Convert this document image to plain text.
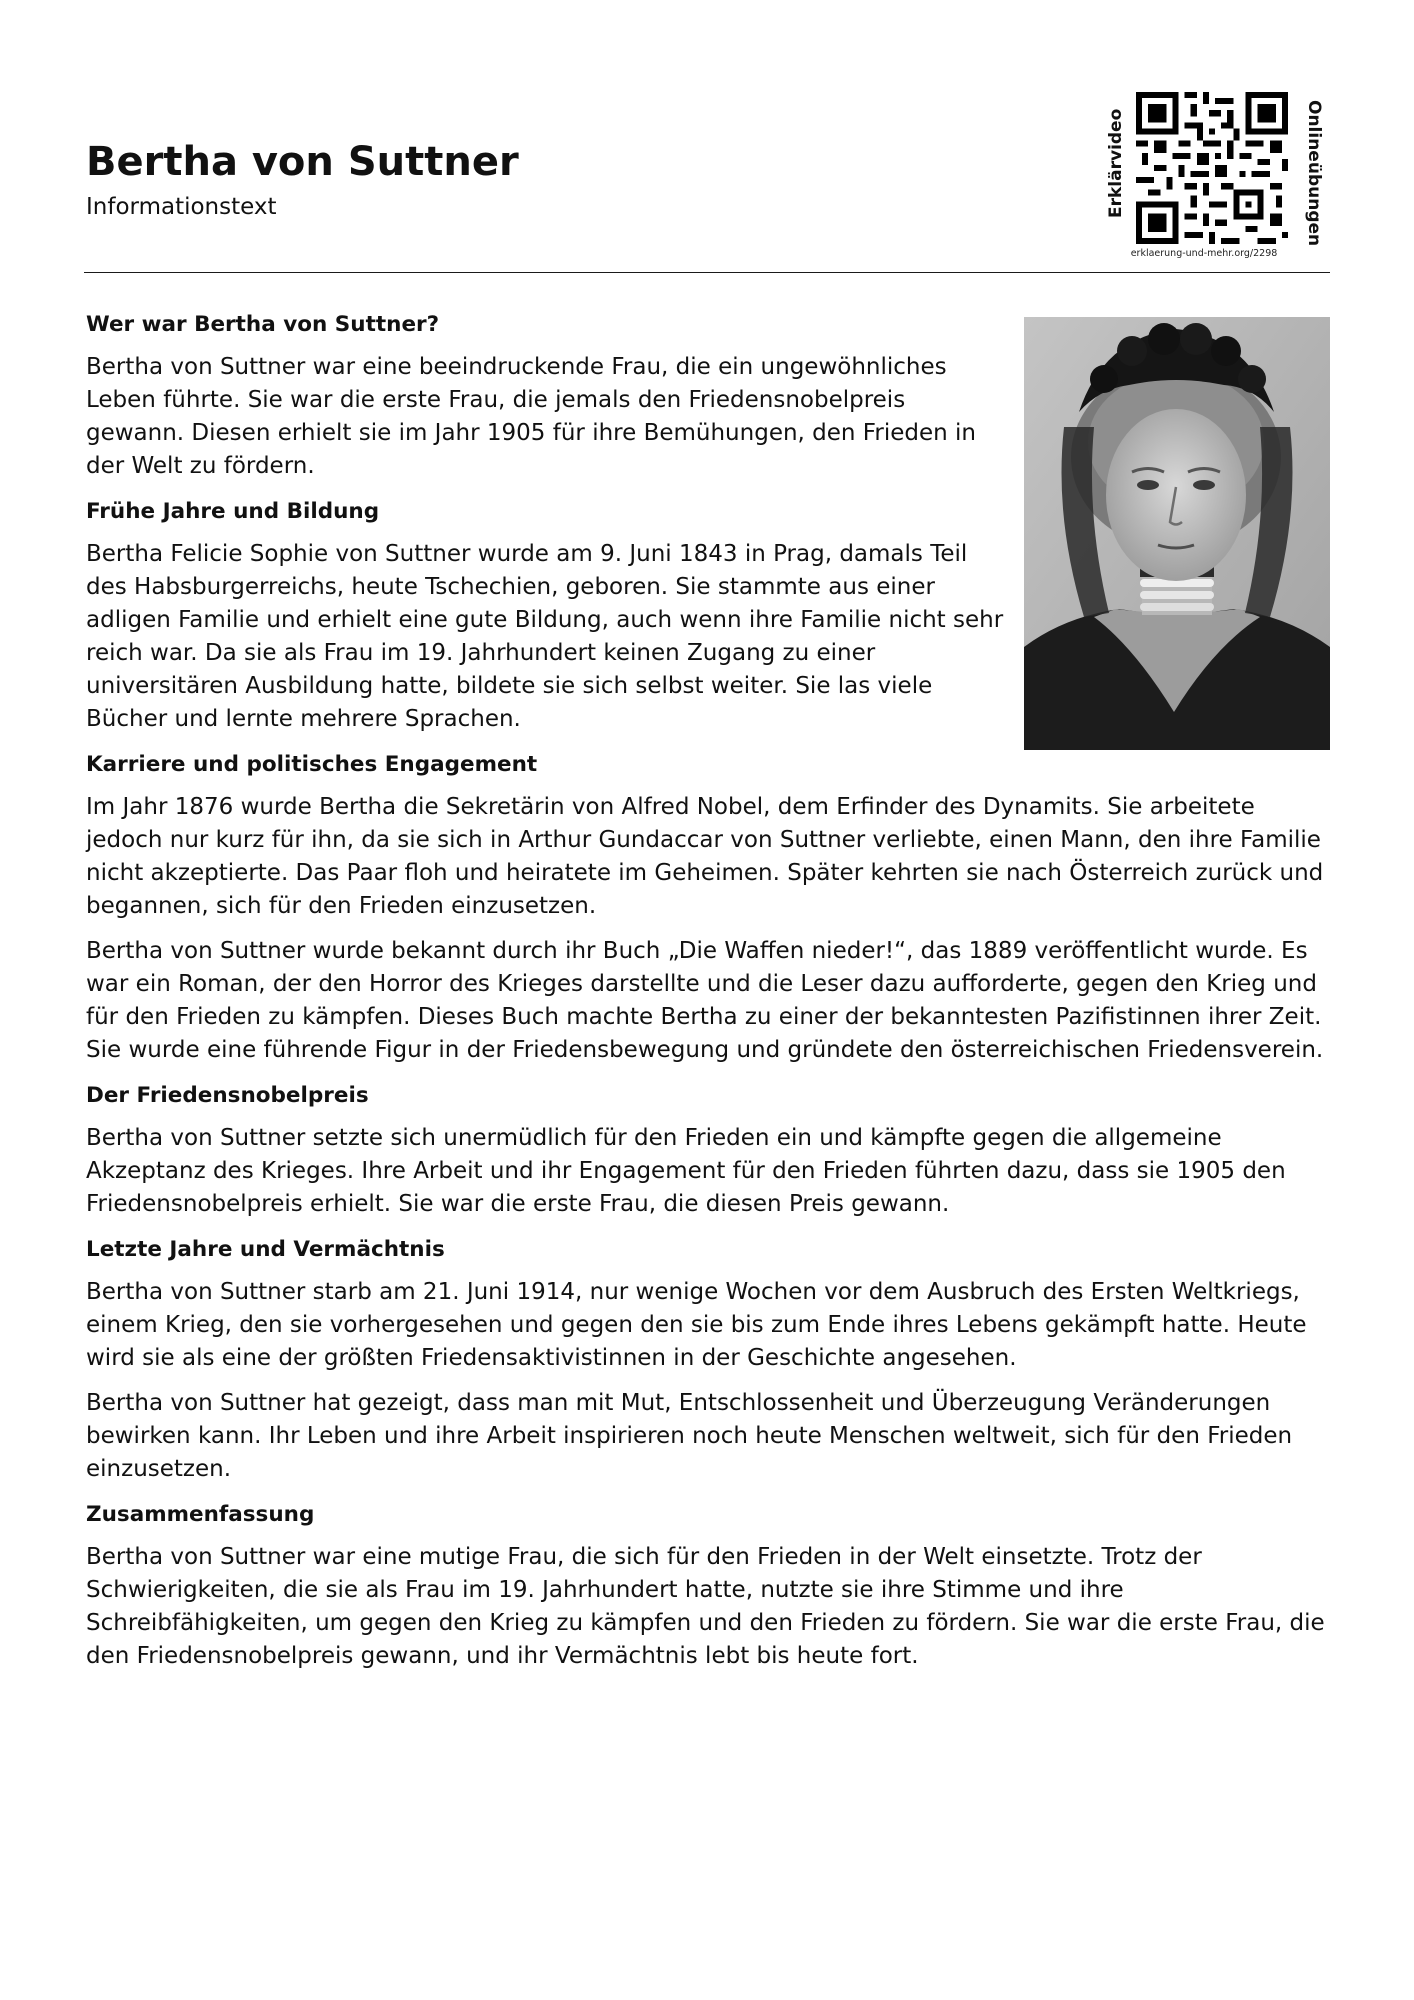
Bertha von Suttner

Informationstext	Erklärvideo	Onlineübungen
erklaerung-und-mehr.org/2298
Wer war Bertha von Suttner?

Bertha von Suttner war eine beeindruckende Frau, die ein ungewöhnliches Leben führte. Sie war die erste Frau, die jemals den Friedensnobelpreis gewann. Diesen erhielt sie im Jahr 1905 für ihre Bemühungen, den Frieden in der Welt zu fördern.

Frühe Jahre und Bildung

Bertha Felicie Sophie von Suttner wurde am 9. Juni 1843 in Prag, damals Teil des Habsburgerreichs, heute Tschechien, geboren. Sie stammte aus einer adligen Familie und erhielt eine gute Bildung, auch wenn ihre Familie nicht sehr reich war. Da sie als Frau im 19. Jahrhundert keinen Zugang zu einer universitären Ausbildung hatte, bildete sie sich selbst weiter. Sie las viele Bücher und lernte mehrere Sprachen.

Karriere und politisches Engagement

Im Jahr 1876 wurde Bertha die Sekretärin von Alfred Nobel, dem Erfinder des Dynamits. Sie arbeitete jedoch nur kurz für ihn, da sie sich in Arthur Gundaccar von Suttner verliebte, einen Mann, den ihre Familie nicht akzeptierte. Das Paar floh und heiratete im Geheimen. Später kehrten sie nach Österreich zurück und begannen, sich für den Frieden einzusetzen.

Bertha von Suttner wurde bekannt durch ihr Buch „Die Waffen nieder!“, das 1889 veröffentlicht wurde. Es war ein Roman, der den Horror des Krieges darstellte und die Leser dazu aufforderte, gegen den Krieg und für den Frieden zu kämpfen. Dieses Buch machte Bertha zu einer der bekanntesten Pazifistinnen ihrer Zeit. Sie wurde eine führende Figur in der Friedensbewegung und gründete den österreichischen Friedensverein.

Der Friedensnobelpreis

Bertha von Suttner setzte sich unermüdlich für den Frieden ein und kämpfte gegen die allgemeine Akzeptanz des Krieges. Ihre Arbeit und ihr Engagement für den Frieden führten dazu, dass sie 1905 den Friedensnobelpreis erhielt. Sie war die erste Frau, die diesen Preis gewann.

Letzte Jahre und Vermächtnis

Bertha von Suttner starb am 21. Juni 1914, nur wenige Wochen vor dem Ausbruch des Ersten Weltkriegs, einem Krieg, den sie vorhergesehen und gegen den sie bis zum Ende ihres Lebens gekämpft hatte. Heute wird sie als eine der größten Friedensaktivistinnen in der Geschichte angesehen.

Bertha von Suttner hat gezeigt, dass man mit Mut, Entschlossenheit und Überzeugung Veränderungen bewirken kann. Ihr Leben und ihre Arbeit inspirieren noch heute Menschen weltweit, sich für den Frieden einzusetzen.

Zusammenfassung

Bertha von Suttner war eine mutige Frau, die sich für den Frieden in der Welt einsetzte. Trotz der Schwierigkeiten, die sie als Frau im 19. Jahrhundert hatte, nutzte sie ihre Stimme und ihre Schreibfähigkeiten, um gegen den Krieg zu kämpfen und den Frieden zu fördern. Sie war die erste Frau, die den Friedensnobelpreis gewann, und ihr Vermächtnis lebt bis heute fort.
